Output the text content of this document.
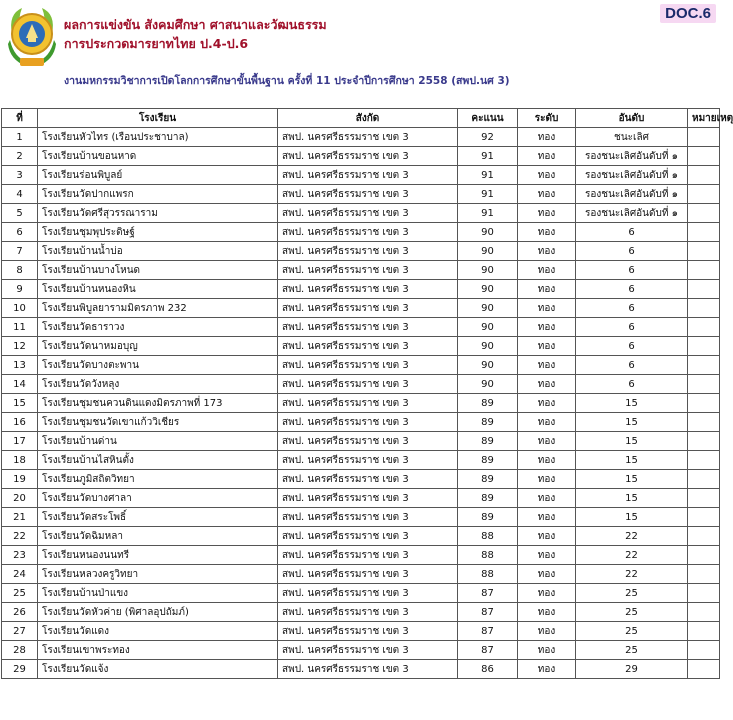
ผลการแข่งขัน สังคมศึกษา ศาสนาและวัฒนธรรม
การประกวดมารยาทไทย ป.4-ป.6
งานมหกรรมวิชาการเปิดโลกการศึกษาขั้นพื้นฐาน ครั้งที่ 11 ประจำปีการศึกษา 2558 (สพป.นศ 3)
DOC.6
ที่	โรงเรียน	สังกัด	คะแนน	ระดับ	อันดับ	หมายเหตุ
1	โรงเรียนหัวไทร (เรือนประชาบาล)	สพป. นครศรีธรรมราช เขต 3	92	ทอง	ชนะเลิศ	
2	โรงเรียนบ้านขอนหาด	สพป. นครศรีธรรมราช เขต 3	91	ทอง	รองชนะเลิศอันดับที่ ๑	
3	โรงเรียนร่อนพิบูลย์	สพป. นครศรีธรรมราช เขต 3	91	ทอง	รองชนะเลิศอันดับที่ ๑	
4	โรงเรียนวัดปากแพรก	สพป. นครศรีธรรมราช เขต 3	91	ทอง	รองชนะเลิศอันดับที่ ๑	
5	โรงเรียนวัดศรีสุวรรณาราม	สพป. นครศรีธรรมราช เขต 3	91	ทอง	รองชนะเลิศอันดับที่ ๑	
6	โรงเรียนชุมพุประดิษฐ์	สพป. นครศรีธรรมราช เขต 3	90	ทอง	6	
7	โรงเรียนบ้านน้ำบ่อ	สพป. นครศรีธรรมราช เขต 3	90	ทอง	6	
8	โรงเรียนบ้านบางโหนด	สพป. นครศรีธรรมราช เขต 3	90	ทอง	6	
9	โรงเรียนบ้านหนองหิน	สพป. นครศรีธรรมราช เขต 3	90	ทอง	6	
10	โรงเรียนพิบูลยารามมิตรภาพ 232	สพป. นครศรีธรรมราช เขต 3	90	ทอง	6	
11	โรงเรียนวัดธาราวง	สพป. นครศรีธรรมราช เขต 3	90	ทอง	6	
12	โรงเรียนวัดนาหมอบุญ	สพป. นครศรีธรรมราช เขต 3	90	ทอง	6	
13	โรงเรียนวัดบางตะพาน	สพป. นครศรีธรรมราช เขต 3	90	ทอง	6	
14	โรงเรียนวัดวังหลุง	สพป. นครศรีธรรมราช เขต 3	90	ทอง	6	
15	โรงเรียนชุมชนควนดินแดงมิตรภาพที่ 173	สพป. นครศรีธรรมราช เขต 3	89	ทอง	15	
16	โรงเรียนชุมชนวัดเขาแก้ววิเชียร	สพป. นครศรีธรรมราช เขต 3	89	ทอง	15	
17	โรงเรียนบ้านด่าน	สพป. นครศรีธรรมราช เขต 3	89	ทอง	15	
18	โรงเรียนบ้านไสหินตั้ง	สพป. นครศรีธรรมราช เขต 3	89	ทอง	15	
19	โรงเรียนภูมิสถิตวิทยา	สพป. นครศรีธรรมราช เขต 3	89	ทอง	15	
20	โรงเรียนวัดบางศาลา	สพป. นครศรีธรรมราช เขต 3	89	ทอง	15	
21	โรงเรียนวัดสระโพธิ์	สพป. นครศรีธรรมราช เขต 3	89	ทอง	15	
22	โรงเรียนวัดฉิมหลา	สพป. นครศรีธรรมราช เขต 3	88	ทอง	22	
23	โรงเรียนหนองนนทรี	สพป. นครศรีธรรมราช เขต 3	88	ทอง	22	
24	โรงเรียนหลวงครูวิทยา	สพป. นครศรีธรรมราช เขต 3	88	ทอง	22	
25	โรงเรียนบ้านป่าแขง	สพป. นครศรีธรรมราช เขต 3	87	ทอง	25	
26	โรงเรียนวัดหัวค่าย (พิศาลอุปถัมภ์)	สพป. นครศรีธรรมราช เขต 3	87	ทอง	25	
27	โรงเรียนวัดแดง	สพป. นครศรีธรรมราช เขต 3	87	ทอง	25	
28	โรงเรียนเขาพระทอง	สพป. นครศรีธรรมราช เขต 3	87	ทอง	25	
29	โรงเรียนวัดแจ้ง	สพป. นครศรีธรรมราช เขต 3	86	ทอง	29	
